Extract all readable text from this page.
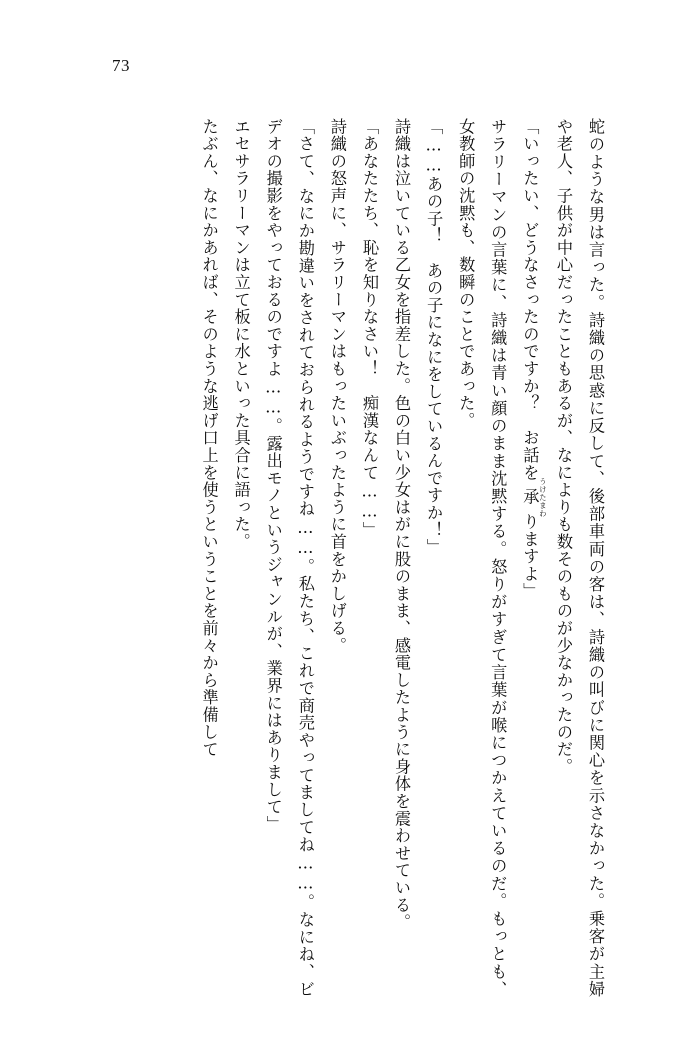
73
蛇のような男は言った。詩織の思惑に反して、後部車両の客は、詩織の叫びに関心を示さなかった。乗客が主婦や老人、子供が中心だったこともあるが、なによりも数そのものが少なかったのだ。
「いったい、どうなさったのですか？　お話を承 うけたまわりますよ」
サラリーマンの言葉に、詩織は青い顔のまま沈黙する。怒りがすぎて言葉が喉につかえているのだ。もっとも、女教師の沈黙も、数瞬のことであった。
「……あの子！　あの子になにをしているんですか！」
詩織は泣いている乙女を指差した。色の白い少女はがに股のまま、感電したように身体を震わせている。
「あなたたち、恥を知りなさい！　痴漢なんて……」
詩織の怒声に、サラリーマンはもったいぶったように首をかしげる。
「さて、なにか勘違いをされておられるようですね……。私たち、これで商売やってましてね……。なにね、ビデオの撮影をやっておるのですよ……。露出モノというジャンルが、業界にはありまして」
エセサラリーマンは立て板に水といった具合に語った。
たぶん、なにかあれば、そのような逃げ口上を使うということを前々から準備して
